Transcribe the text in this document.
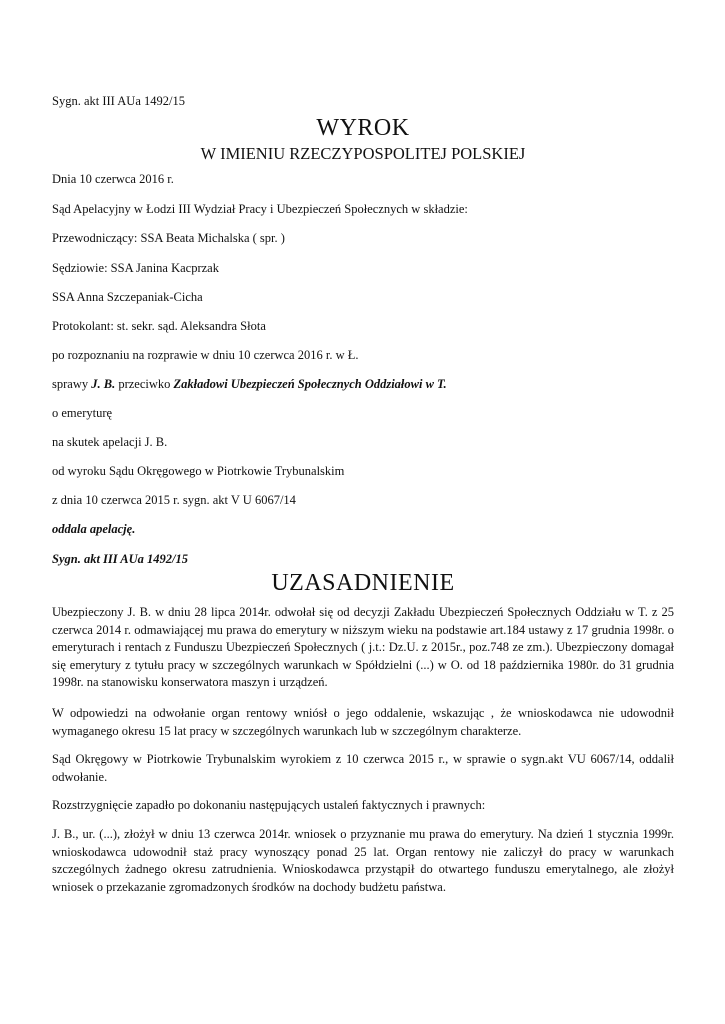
Sygn. akt III AUa 1492/15
WYROK
W IMIENIU RZECZYPOSPOLITEJ POLSKIEJ
Dnia 10 czerwca 2016 r.
Sąd Apelacyjny w Łodzi III Wydział Pracy i Ubezpieczeń Społecznych w składzie:
Przewodniczący: SSA Beata Michalska ( spr. )
Sędziowie: SSA Janina Kacprzak
SSA Anna Szczepaniak-Cicha
Protokolant: st. sekr. sąd. Aleksandra Słota
po rozpoznaniu na rozprawie w dniu 10 czerwca 2016 r. w Ł.
sprawy J. B. przeciwko Zakładowi Ubezpieczeń Społecznych Oddziałowi w T.
o emeryturę
na skutek apelacji J. B.
od wyroku Sądu Okręgowego w Piotrkowie Trybunalskim
z dnia 10 czerwca 2015 r. sygn. akt V U 6067/14
oddala apelację.
Sygn. akt III AUa 1492/15
UZASADNIENIE
Ubezpieczony J. B. w dniu 28 lipca 2014r. odwołał się od decyzji Zakładu Ubezpieczeń Społecznych Oddziału w T. z 25 czerwca 2014 r. odmawiającej mu prawa do emerytury w niższym wieku na podstawie art.184 ustawy z 17 grudnia 1998r. o emeryturach i rentach z Funduszu Ubezpieczeń Społecznych ( j.t.: Dz.U. z 2015r., poz.748 ze zm.). Ubezpieczony domagał się emerytury z tytułu pracy w szczególnych warunkach w Spółdzielni (...) w O. od 18 października 1980r. do 31 grudnia 1998r. na stanowisku konserwatora maszyn i urządzeń.
W odpowiedzi na odwołanie organ rentowy wniósł o jego oddalenie, wskazując , że wnioskodawca nie udowodnił wymaganego okresu 15 lat pracy w szczególnych warunkach lub w szczególnym charakterze.
Sąd Okręgowy w Piotrkowie Trybunalskim wyrokiem z 10 czerwca 2015 r., w sprawie o sygn.akt VU 6067/14, oddalił odwołanie.
Rozstrzygnięcie zapadło po dokonaniu następujących ustaleń faktycznych i prawnych:
J. B., ur. (...), złożył w dniu 13 czerwca 2014r. wniosek o przyznanie mu prawa do emerytury. Na dzień 1 stycznia 1999r. wnioskodawca udowodnił staż pracy wynoszący ponad 25 lat. Organ rentowy nie zaliczył do pracy w warunkach szczególnych żadnego okresu zatrudnienia. Wnioskodawca przystąpił do otwartego funduszu emerytalnego, ale złożył wniosek o przekazanie zgromadzonych środków na dochody budżetu państwa.
